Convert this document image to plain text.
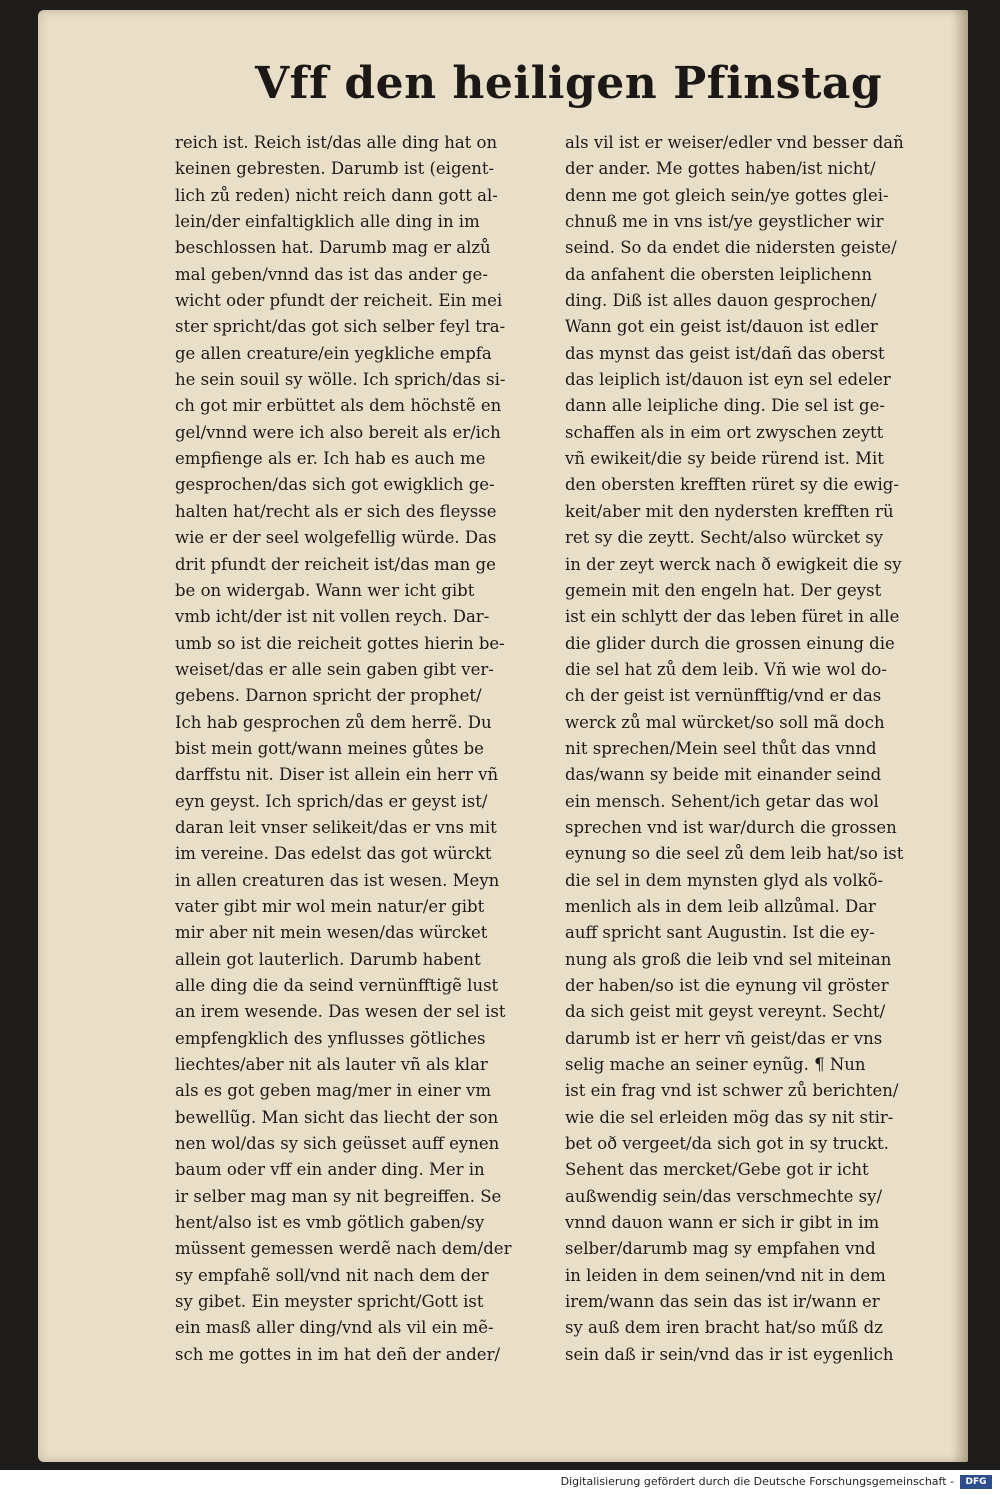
Vff den heiligen Pfinstag
reich ist. Reich ist/das alle ding hat on
keinen gebresten. Darumb ist (eigent-
lich zů reden) nicht reich dann gott al-
lein/der einfaltigklich alle ding in im
beschlossen hat. Darumb mag er alzů
mal geben/vnnd das ist das ander ge-
wicht oder pfundt der reicheit. Ein mei
ster spricht/das got sich selber feyl tra-
ge allen creature/ein yegkliche empfa
he sein souil sy wölle. Ich sprich/das si-
ch got mir erbüttet als dem höchstẽ en
gel/vnnd were ich also bereit als er/ich
empfienge als er. Ich hab es auch me
gesprochen/das sich got ewigklich ge-
halten hat/recht als er sich des fleysse
wie er der seel wolgefellig würde. Das
drit pfundt der reicheit ist/das man ge
be on widergab. Wann wer icht gibt
vmb icht/der ist nit vollen reych. Dar-
umb so ist die reicheit gottes hierin be-
weiset/das er alle sein gaben gibt ver-
gebens. Darnon spricht der prophet/
Ich hab gesprochen zů dem herrẽ. Du
bist mein gott/wann meines gůtes be
darffstu nit. Diser ist allein ein herr vñ
eyn geyst. Ich sprich/das er geyst ist/
daran leit vnser selikeit/das er vns mit
im vereine. Das edelst das got würckt
in allen creaturen das ist wesen. Meyn
vater gibt mir wol mein natur/er gibt
mir aber nit mein wesen/das würcket
allein got lauterlich. Darumb habent
alle ding die da seind vernünfftigẽ lust
an irem wesende. Das wesen der sel ist
empfengklich des ynflusses götliches
liechtes/aber nit als lauter vñ als klar
als es got geben mag/mer in einer vm
bewellũg. Man sicht das liecht der son
nen wol/das sy sich geüsset auff eynen
baum oder vff ein ander ding. Mer in
ir selber mag man sy nit begreiffen. Se
hent/also ist es vmb götlich gaben/sy
müssent gemessen werdẽ nach dem/der
sy empfahẽ soll/vnd nit nach dem der
sy gibet. Ein meyster spricht/Gott ist
ein masß aller ding/vnd als vil ein mẽ-
sch me gottes in im hat deñ der ander/
als vil ist er weiser/edler vnd besser dañ
der ander. Me gottes haben/ist nicht/
denn me got gleich sein/ye gottes glei-
chnuß me in vns ist/ye geystlicher wir
seind. So da endet die nidersten geiste/
da anfahent die obersten leiplichenn
ding. Diß ist alles dauon gesprochen/
Wann got ein geist ist/dauon ist edler
das mynst das geist ist/dañ das oberst
das leiplich ist/dauon ist eyn sel edeler
dann alle leipliche ding. Die sel ist ge-
schaffen als in eim ort zwyschen zeytt
vñ ewikeit/die sy beide rürend ist. Mit
den obersten krefften rüret sy die ewig-
keit/aber mit den nydersten krefften rü
ret sy die zeytt. Secht/also würcket sy
in der zeyt werck nach ð ewigkeit die sy
gemein mit den engeln hat. Der geyst
ist ein schlytt der das leben füret in alle
die glider durch die grossen einung die
die sel hat zů dem leib. Vñ wie wol do-
ch der geist ist vernünfftig/vnd er das
werck zů mal würcket/so soll mã doch
nit sprechen/Mein seel thůt das vnnd
das/wann sy beide mit einander seind
ein mensch. Sehent/ich getar das wol
sprechen vnd ist war/durch die grossen
eynung so die seel zů dem leib hat/so ist
die sel in dem mynsten glyd als volkõ-
menlich als in dem leib allzůmal. Dar
auff spricht sant Augustin. Ist die ey-
nung als groß die leib vnd sel miteinan
der haben/so ist die eynung vil gröster
da sich geist mit geyst vereynt. Secht/
darumb ist er herr vñ geist/das er vns
selig mache an seiner eynũg. ¶ Nun
ist ein frag vnd ist schwer zů berichten/
wie die sel erleiden mög das sy nit stir-
bet oð vergeet/da sich got in sy truckt.
Sehent das mercket/Gebe got ir icht
außwendig sein/das verschmechte sy/
vnnd dauon wann er sich ir gibt in im
selber/darumb mag sy empfahen vnd
in leiden in dem seinen/vnd nit in dem
irem/wann das sein das ist ir/wann er
sy auß dem iren bracht hat/so műß dz
sein daß ir sein/vnd das ir ist eygenlich
Digitalisierung gefördert durch die Deutsche Forschungsgemeinschaft -	DFG
